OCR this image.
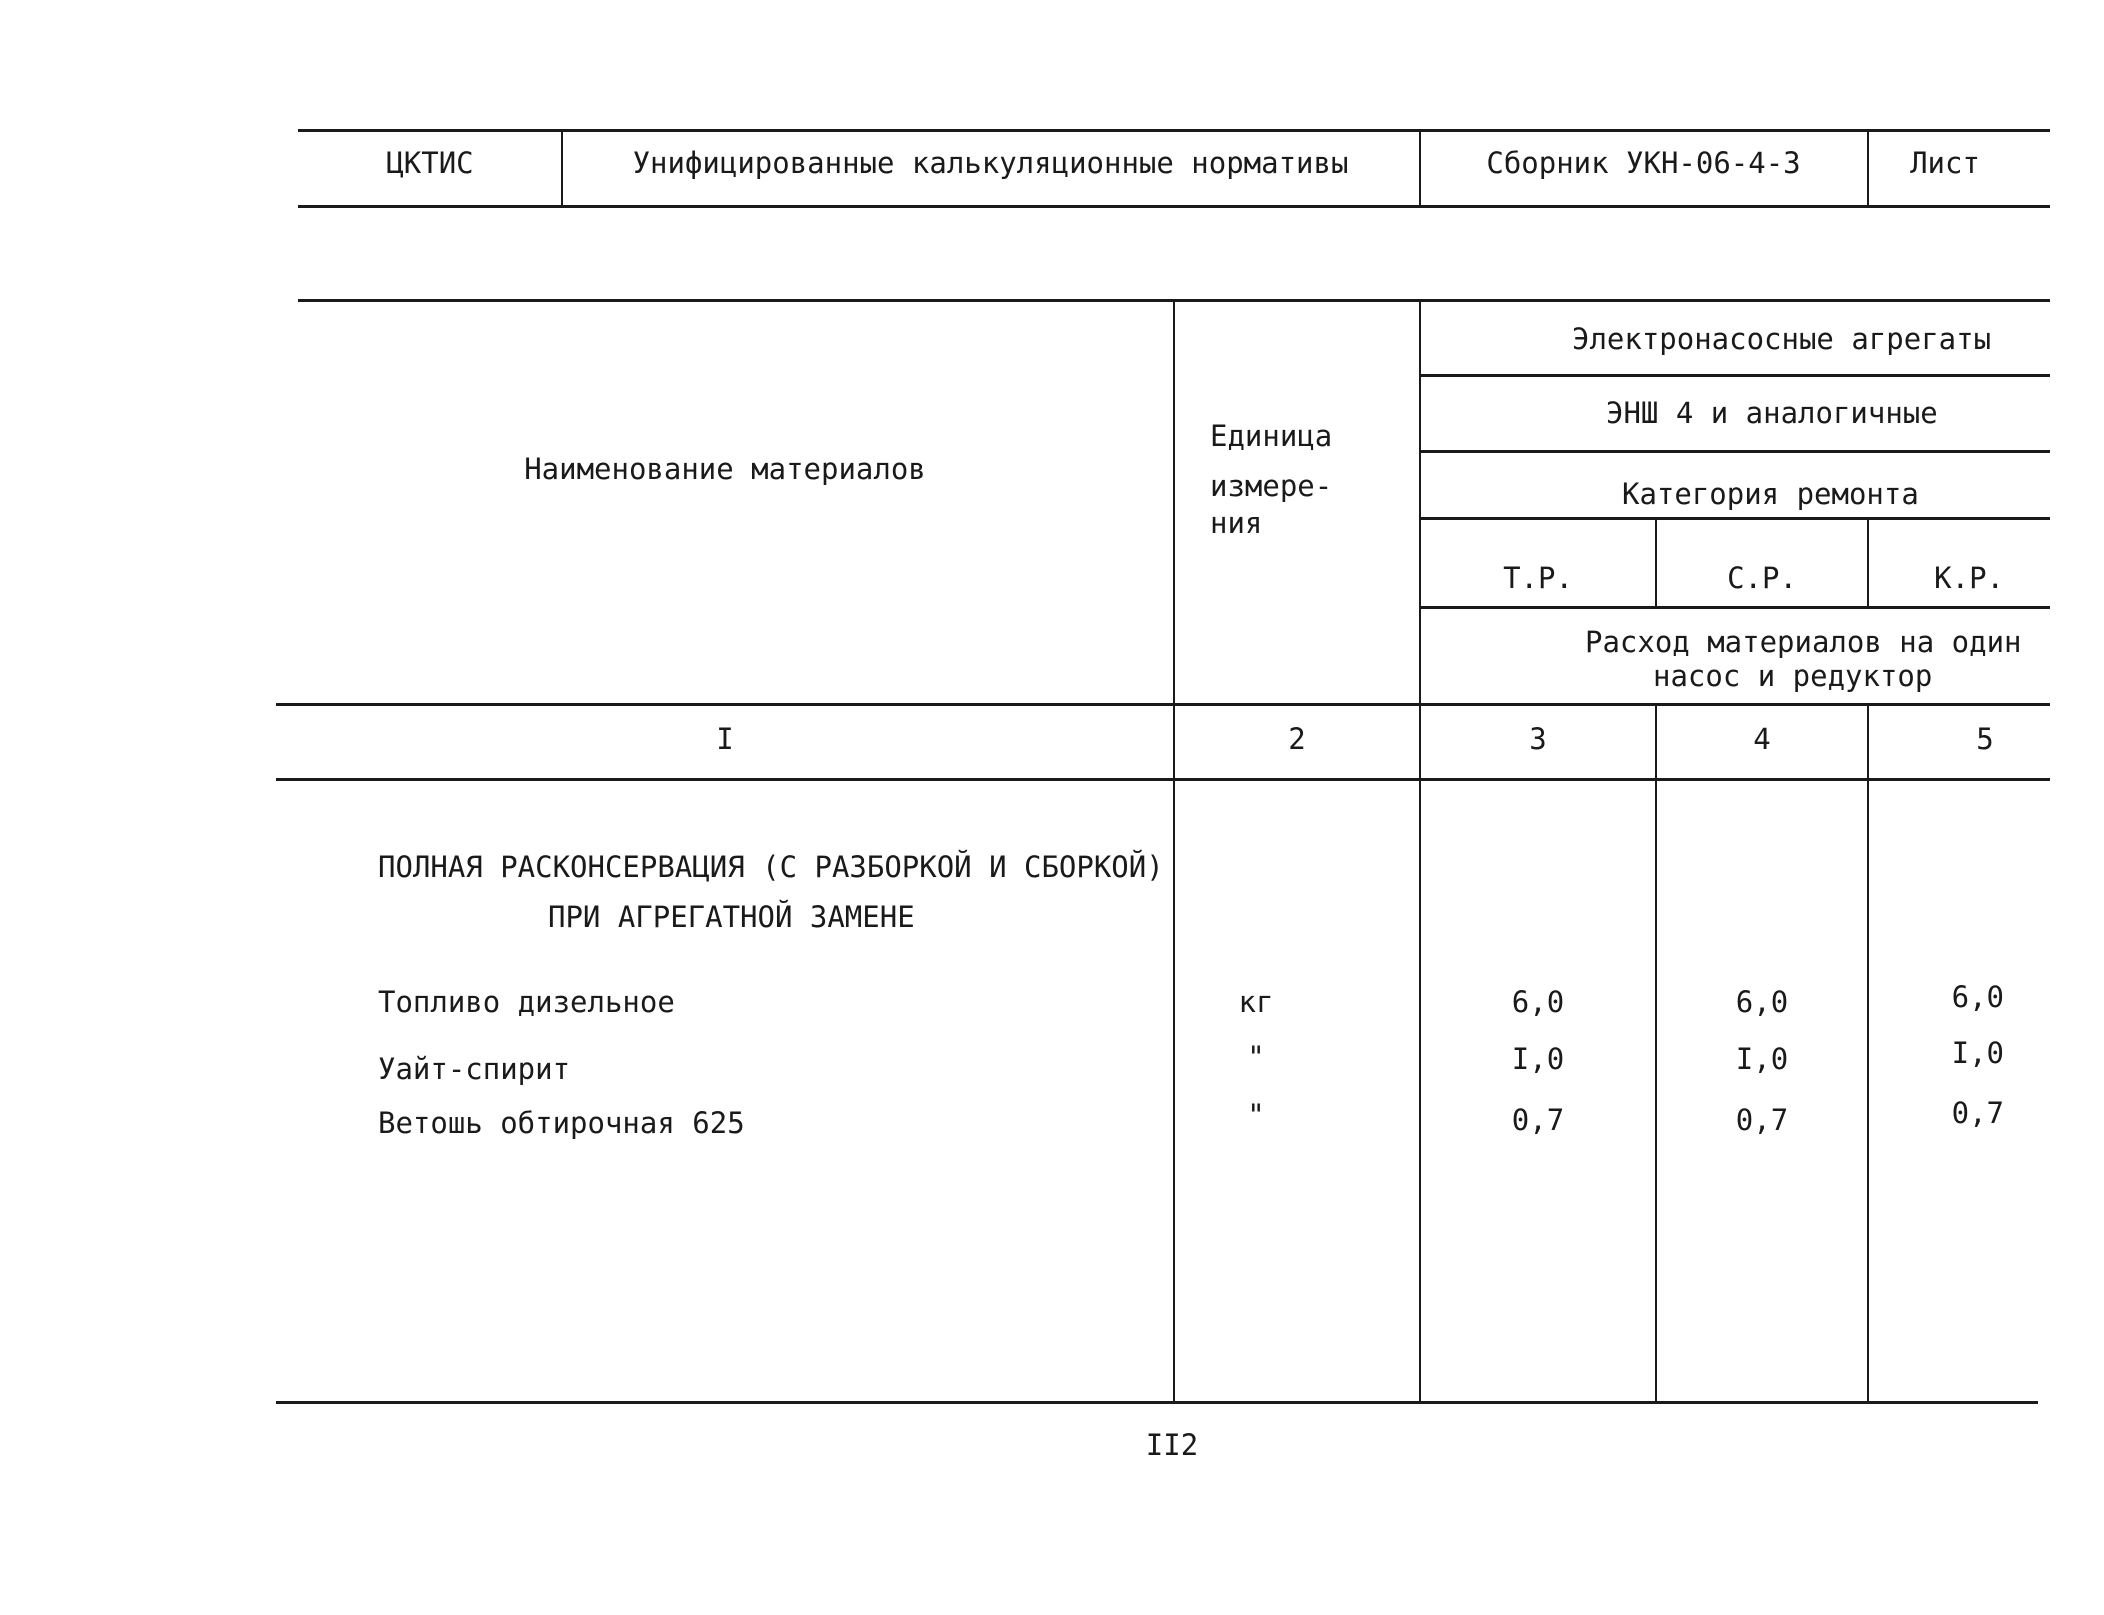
ЦКТИС	Унифицированные калькуляционные нормативы	Сборник УКН-06-4-3	Лист
Наименование материалов
Единица
измере-
ния
Электронасосные агрегаты
ЭНШ 4 и аналогичные
Категория ремонта
Т.Р.	С.Р.	К.Р.
Расход материалов на один
насос и редуктор
I	2	3	4	5
ПОЛНАЯ РАСКОНСЕРВАЦИЯ (С РАЗБОРКОЙ И СБОРКОЙ)
ПРИ АГРЕГАТНОЙ ЗАМЕНЕ
Топливо дизельное	кг	6,0	6,0	6,0
Уайт-спирит	"	I,0	I,0	I,0
Ветошь обтирочная 625	"	0,7	0,7	0,7
II2
